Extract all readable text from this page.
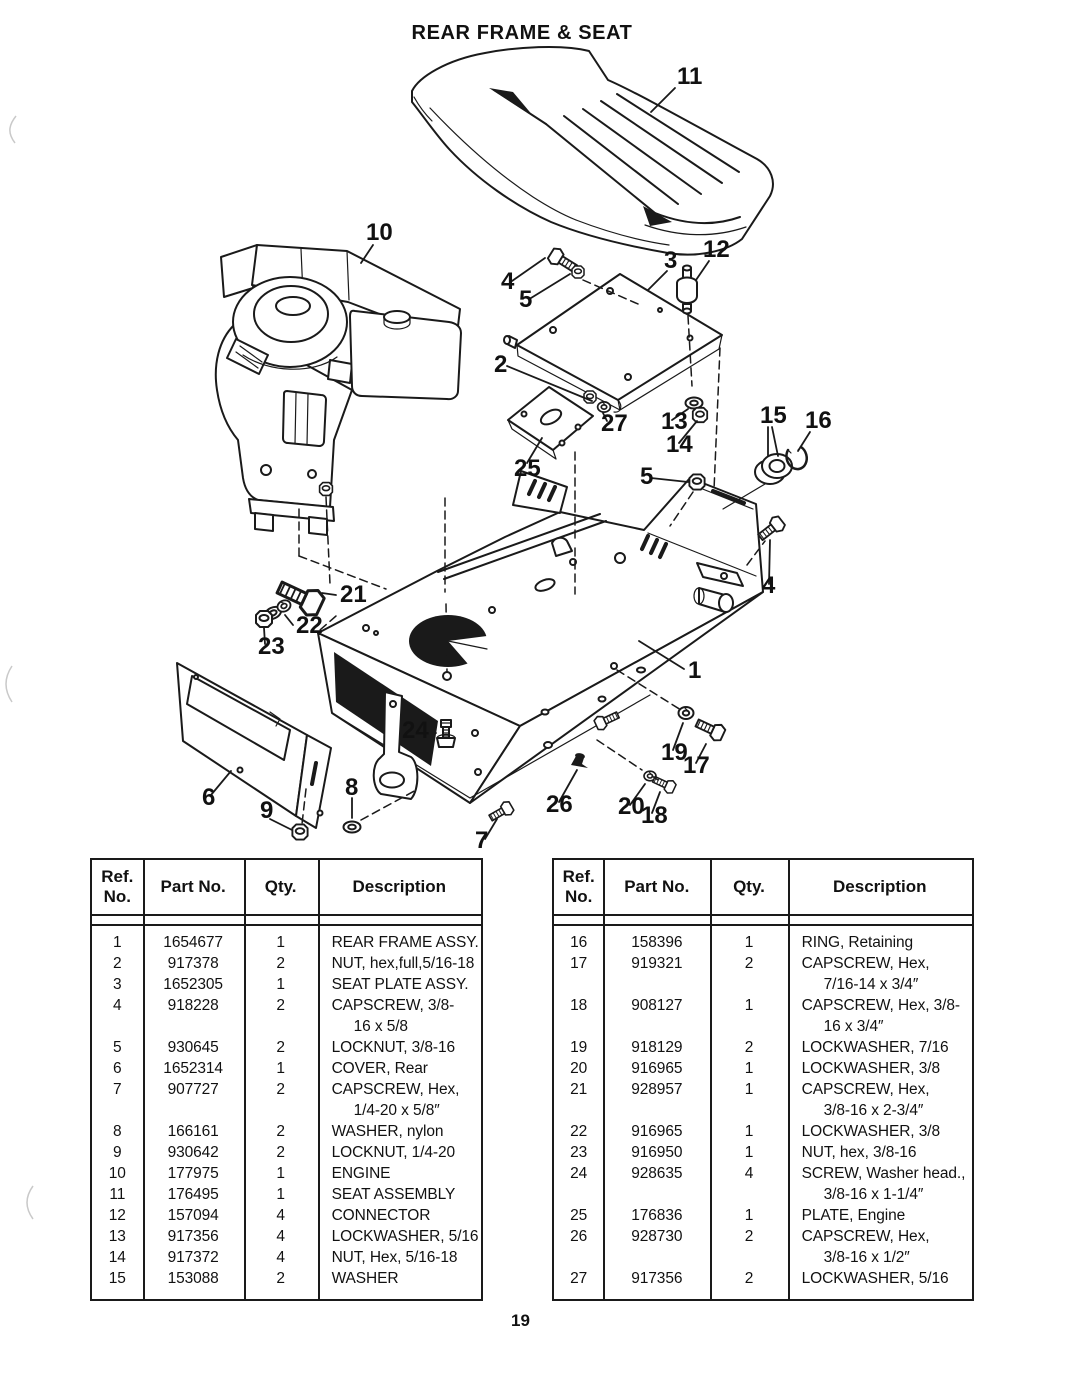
REAR FRAME & SEAT
11
10
4
5
2
25
3 12
27 13
14
5
15 16
21
22
23
6 9
8
24
7
26
1
19
17
20
18
4
Ref.
No.
Part No.	Qty.	Description
1	1654677	1	REAR FRAME ASSY.
2	917378	2	NUT, hex,full,5/16-18
3	1652305	1	SEAT PLATE ASSY.
4	918228	2	CAPSCREW, 3/8-
16 x 5/8
5	930645	2	LOCKNUT, 3/8-16
6	1652314	1	COVER, Rear
7	907727	2	CAPSCREW, Hex,
1/4-20 x 5/8″
8	166161	2	WASHER, nylon
9	930642	2	LOCKNUT, 1/4-20
10	177975	1	ENGINE
11	176495	1	SEAT ASSEMBLY
12	157094	4	CONNECTOR
13	917356	4	LOCKWASHER, 5/16
14	917372	4	NUT, Hex, 5/16-18
15	153088	2	WASHER
Ref.
No.
Part No.	Qty.	Description
16	158396	1	RING, Retaining
17	919321	2	CAPSCREW, Hex,
7/16-14 x 3/4″
18	908127	1	CAPSCREW, Hex, 3/8-
16 x 3/4″
19	918129	2	LOCKWASHER, 7/16
20	916965	1	LOCKWASHER, 3/8
21	928957	1	CAPSCREW, Hex,
3/8-16 x 2-3/4″
22	916965	1	LOCKWASHER, 3/8
23	916950	1	NUT, hex, 3/8-16
24	928635	4	SCREW, Washer head.,
3/8-16 x 1-1/4″
25	176836	1	PLATE, Engine
26	928730	2	CAPSCREW, Hex,
3/8-16 x 1/2″
27	917356	2	LOCKWASHER, 5/16
19
